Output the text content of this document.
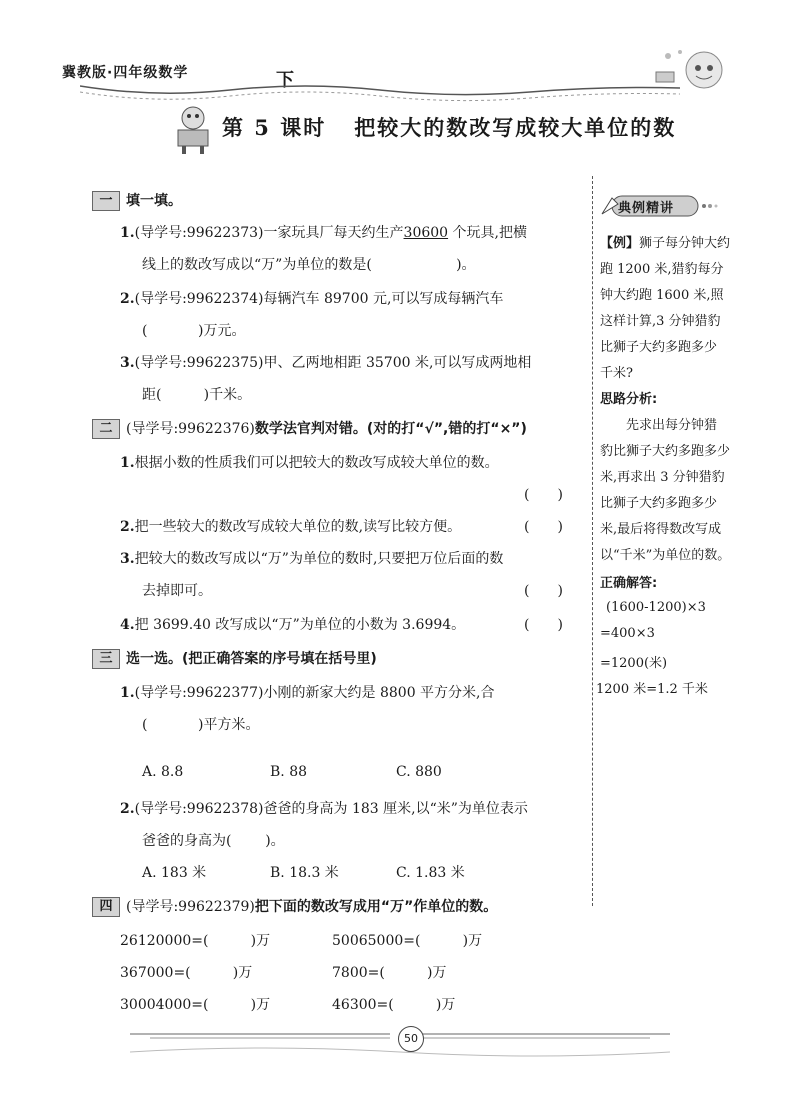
冀教版·四年级数学	下
第 5 课时 把较大的数改写成较大单位的数
一 填一填。
1.(导学号:99622373)一家玩具厂每天约生产30600 个玩具,把横
线上的数改写成以“万”为单位的数是(	)。
2.(导学号:99622374)每辆汽车 89700 元,可以写成每辆汽车
(	)万元。
3.(导学号:99622375)甲、乙两地相距 35700 米,可以写成两地相
距(	)千米。
二 (导学号:99622376)数学法官判对错。(对的打“√”,错的打“×”)
1.根据小数的性质我们可以把较大的数改写成较大单位的数。
(　　)
2.把一些较大的数改写成较大单位的数,读写比较方便。	(　　)
3.把较大的数改写成以“万”为单位的数时,只要把万位后面的数
去掉即可。	(　　)
4.把 3699.40 改写成以“万”为单位的小数为 3.6994。	(　　)
三 选一选。(把正确答案的序号填在括号里)
1.(导学号:99622377)小刚的新家大约是 8800 平方分米,合
(	)平方米。
A. 8.8	B. 88	C. 880
2.(导学号:99622378)爸爸的身高为 183 厘米,以“米”为单位表示
爸爸的身高为( )。
A. 183 米	B. 18.3 米	C. 1.83 米
四 (导学号:99622379)把下面的数改写成用“万”作单位的数。
26120000=(	)万	50065000=(	)万
367000=(	)万	7800=(	)万
30004000=(	)万	46300=(	)万
典例精讲
【例】狮子每分钟大约
跑 1200 米,猎豹每分
钟大约跑 1600 米,照
这样计算,3 分钟猎豹
比狮子大约多跑多少
千米?
思路分析:
先求出每分钟猎
豹比狮子大约多跑多少
米,再求出 3 分钟猎豹
比狮子大约多跑多少
米,最后将得数改写成
以“千米”为单位的数。
正确解答:
(1600-1200)×3
=400×3
=1200(米)
1200 米=1.2 千米
50
